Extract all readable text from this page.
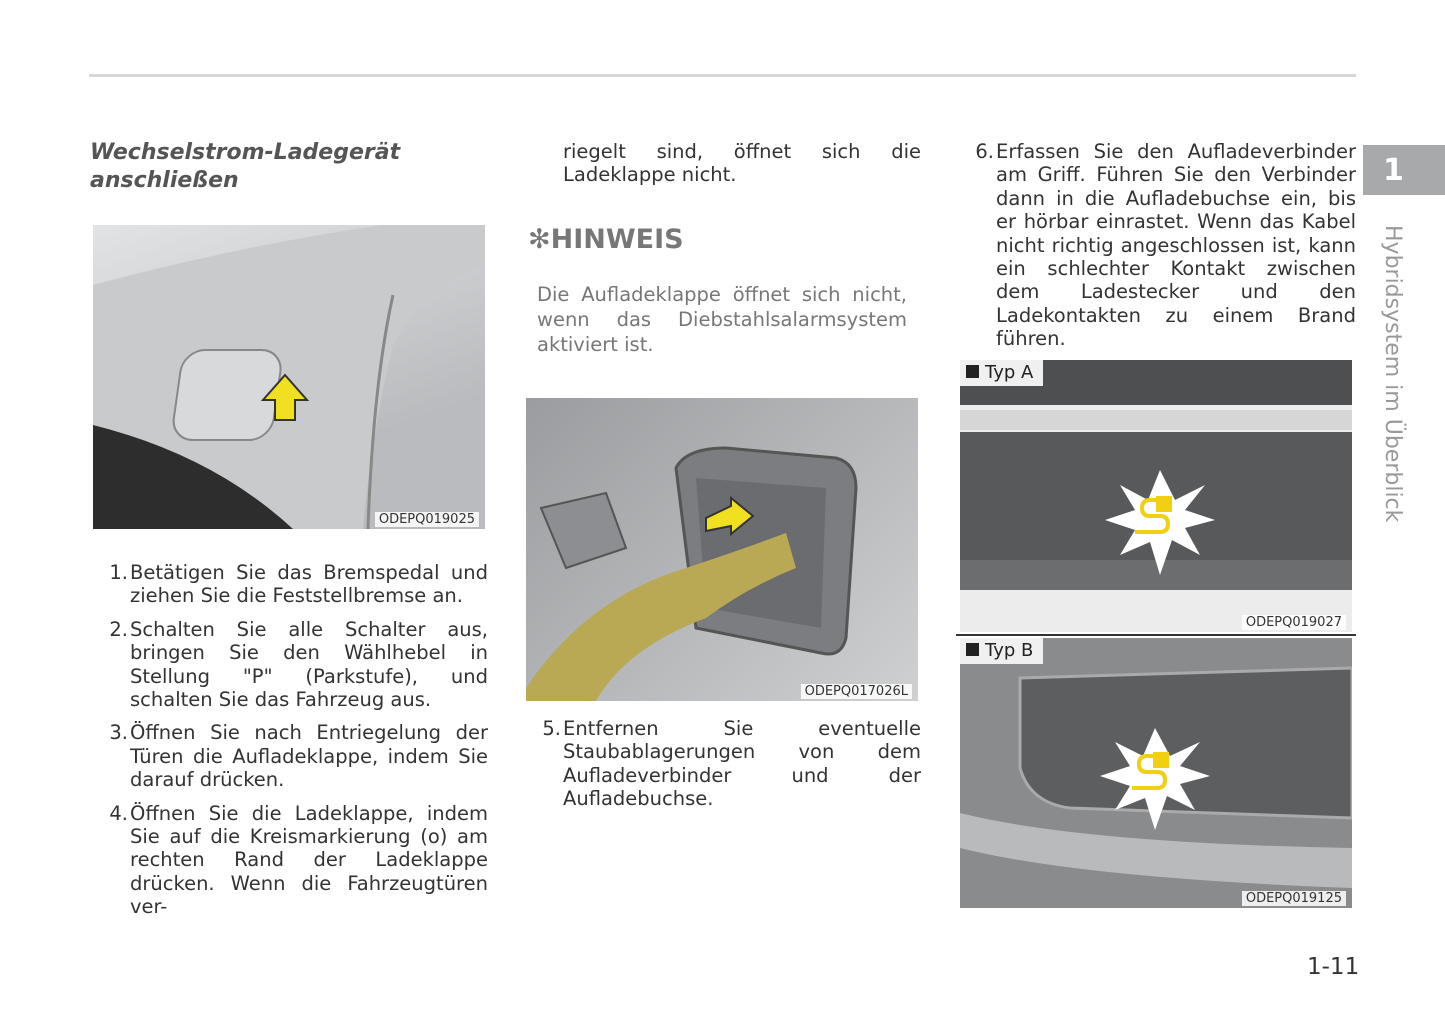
Wechselstrom-Ladegerät
anschließen
ODEPQ019025
1. Betätigen Sie das Bremspedal und ziehen Sie die Feststellbremse an.
2. Schalten Sie alle Schalter aus, bringen Sie den Wählhebel in Stellung "P" (Parkstufe), und schalten Sie das Fahrzeug aus.
3. Öffnen Sie nach Entriegelung der Türen die Aufladeklappe, indem Sie darauf drücken.
4. Öffnen Sie die Ladeklappe, indem Sie auf die Kreismarkierung (o) am rechten Rand der Ladeklappe drücken. Wenn die Fahrzeugtüren ver-
riegelt sind, öffnet sich die Ladeklappe nicht.
✻HINWEIS
Die Aufladeklappe öffnet sich nicht, wenn das Diebstahlsalarmsystem aktiviert ist.
ODEPQ017026L
5. Entfernen Sie eventuelle Staubablagerungen von dem Aufladeverbinder und der Aufladebuchse.
6. Erfassen Sie den Aufladeverbinder am Griff. Führen Sie den Verbinder dann in die Aufladebuchse ein, bis er hörbar einrastet. Wenn das Kabel nicht richtig angeschlossen ist, kann ein schlechter Kontakt zwischen dem Ladestecker und den Ladekontakten zu einem Brand führen.
Typ A
ODEPQ019027
Typ B
ODEPQ019125
1
Hybridsystem im Überblick
1-11
